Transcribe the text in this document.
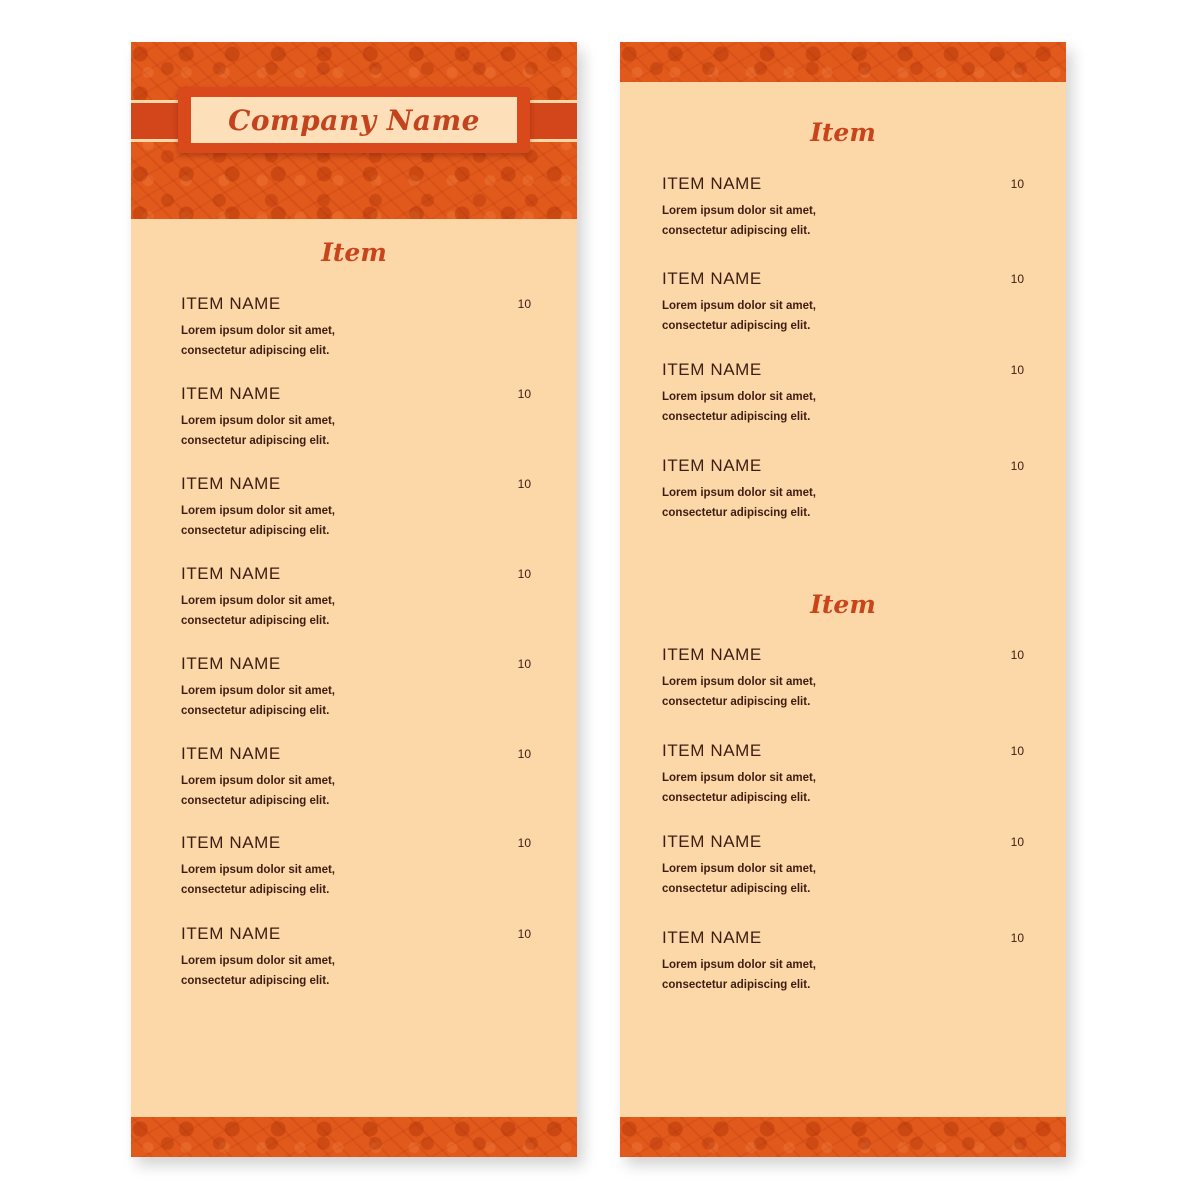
Company Name
Item
ITEM NAME	10
Lorem ipsum dolor sit amet,
consectetur adipiscing elit.
ITEM NAME	10
Lorem ipsum dolor sit amet,
consectetur adipiscing elit.
ITEM NAME	10
Lorem ipsum dolor sit amet,
consectetur adipiscing elit.
ITEM NAME	10
Lorem ipsum dolor sit amet,
consectetur adipiscing elit.
ITEM NAME	10
Lorem ipsum dolor sit amet,
consectetur adipiscing elit.
ITEM NAME	10
Lorem ipsum dolor sit amet,
consectetur adipiscing elit.
ITEM NAME	10
Lorem ipsum dolor sit amet,
consectetur adipiscing elit.
ITEM NAME	10
Lorem ipsum dolor sit amet,
consectetur adipiscing elit.
Item
ITEM NAME	10
Lorem ipsum dolor sit amet,
consectetur adipiscing elit.
ITEM NAME	10
Lorem ipsum dolor sit amet,
consectetur adipiscing elit.
ITEM NAME	10
Lorem ipsum dolor sit amet,
consectetur adipiscing elit.
ITEM NAME	10
Lorem ipsum dolor sit amet,
consectetur adipiscing elit.
Item
ITEM NAME	10
Lorem ipsum dolor sit amet,
consectetur adipiscing elit.
ITEM NAME	10
Lorem ipsum dolor sit amet,
consectetur adipiscing elit.
ITEM NAME	10
Lorem ipsum dolor sit amet,
consectetur adipiscing elit.
ITEM NAME	10
Lorem ipsum dolor sit amet,
consectetur adipiscing elit.
